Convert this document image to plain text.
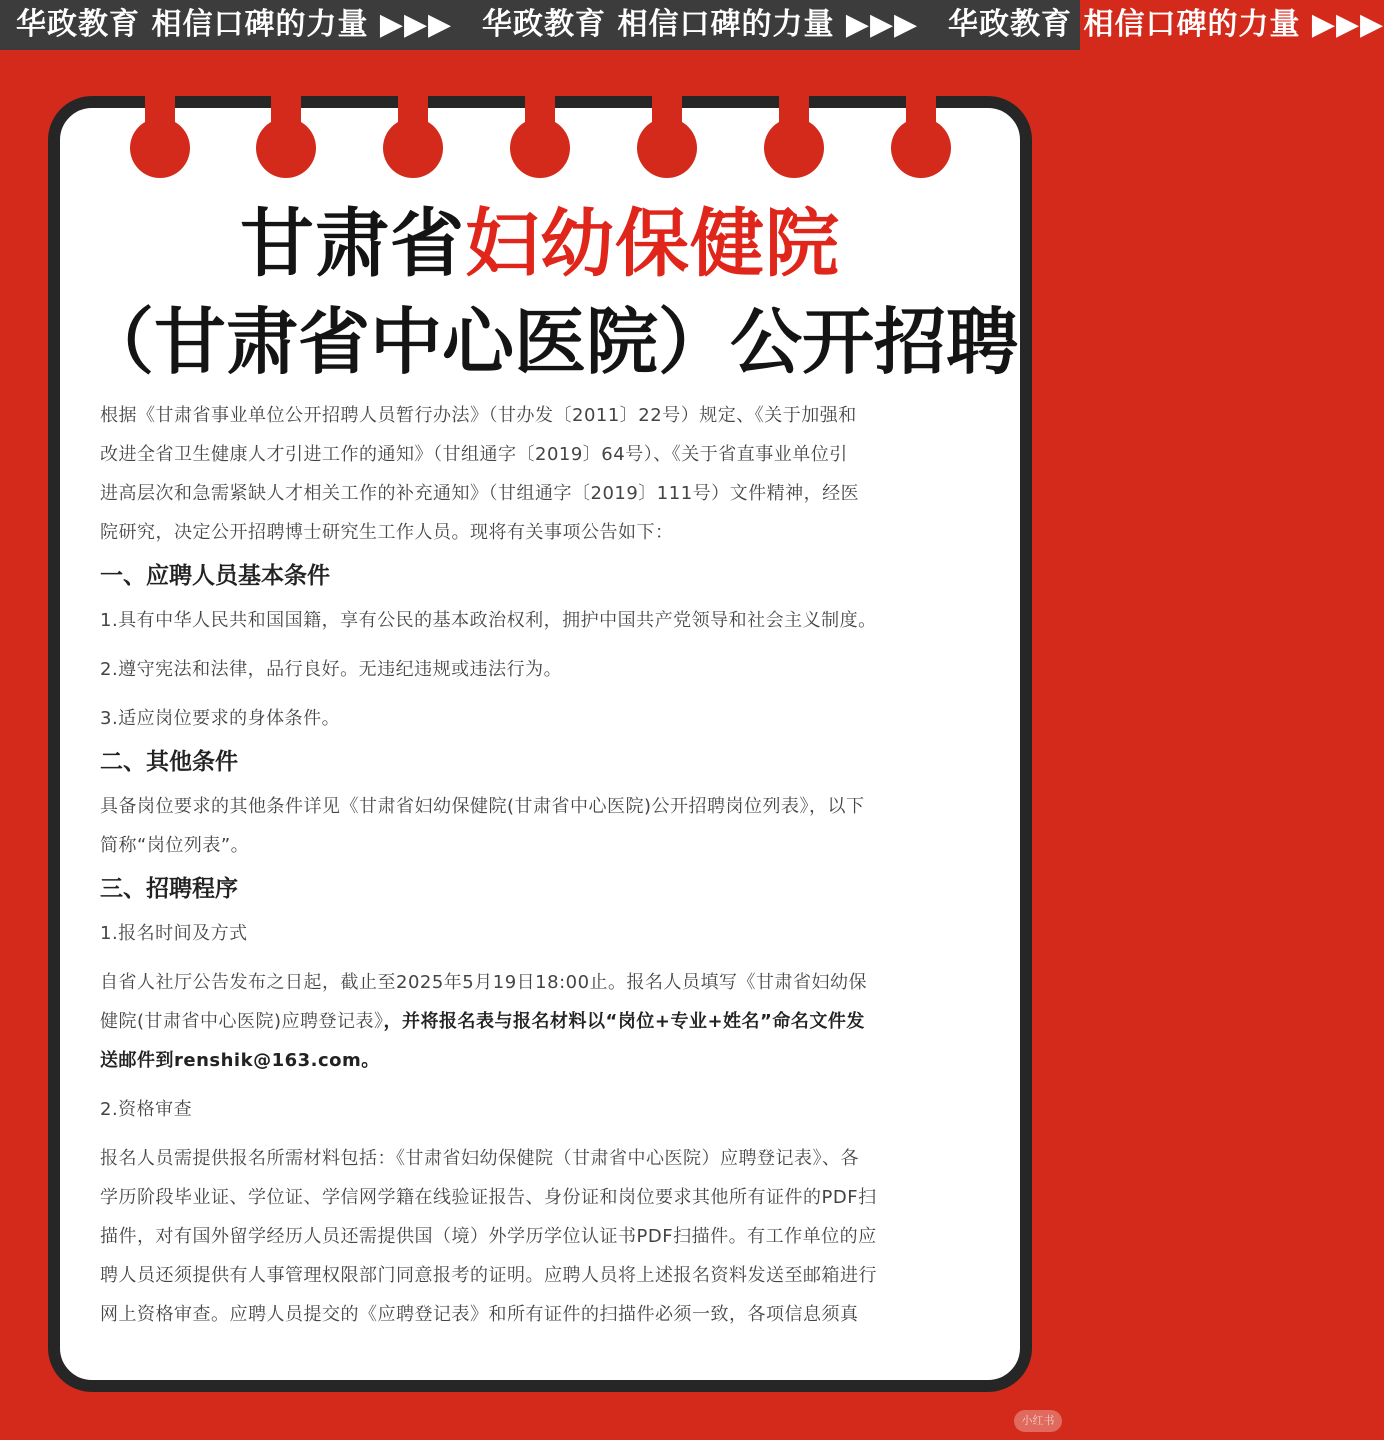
华政教育 相信口碑的力量 ▶▶▶ 华政教育 相信口碑的力量 ▶▶▶ 华政教育 相信口碑的力量 ▶▶▶
甘肃省妇幼保健院
（甘肃省中心医院）公开招聘

根据《甘肃省事业单位公开招聘人员暂行办法》（甘办发〔2011〕22号）规定、《关于加强和

改进全省卫生健康人才引进工作的通知》（甘组通字〔2019〕64号）、《关于省直事业单位引

进高层次和急需紧缺人才相关工作的补充通知》（甘组通字〔2019〕111号）文件精神，经医

院研究，决定公开招聘博士研究生工作人员。现将有关事项公告如下：

一、应聘人员基本条件

1.具有中华人民共和国国籍，享有公民的基本政治权利，拥护中国共产党领导和社会主义制度。

2.遵守宪法和法律，品行良好。无违纪违规或违法行为。

3.适应岗位要求的身体条件。

二、其他条件

具备岗位要求的其他条件详见《甘肃省妇幼保健院(甘肃省中心医院)公开招聘岗位列表》，以下

简称“岗位列表”。

三、招聘程序

1.报名时间及方式

自省人社厅公告发布之日起，截止至2025年5月19日18:00止。报名人员填写《甘肃省妇幼保

健院(甘肃省中心医院)应聘登记表》，并将报名表与报名材料以“岗位+专业+姓名”命名文件发

送邮件到renshik@163.com。

2.资格审查

报名人员需提供报名所需材料包括：《甘肃省妇幼保健院（甘肃省中心医院）应聘登记表》、各

学历阶段毕业证、学位证、学信网学籍在线验证报告、身份证和岗位要求其他所有证件的PDF扫

描件，对有国外留学经历人员还需提供国（境）外学历学位认证书PDF扫描件。有工作单位的应

聘人员还须提供有人事管理权限部门同意报考的证明。应聘人员将上述报名资料发送至邮箱进行

网上资格审查。应聘人员提交的《应聘登记表》和所有证件的扫描件必须一致，各项信息须真

小红书
